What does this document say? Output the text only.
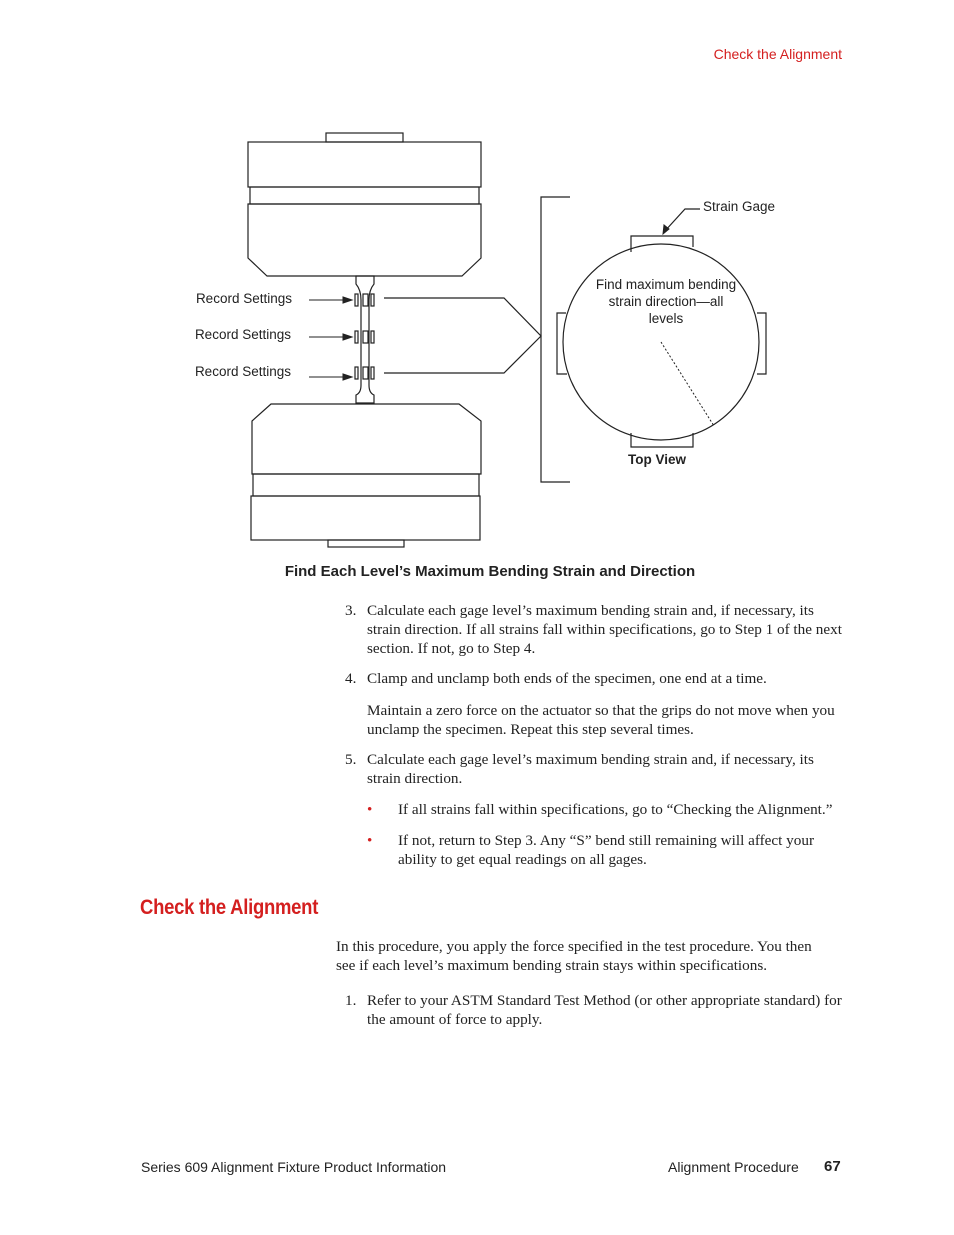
Check the Alignment
Record Settings
Record Settings
Record Settings
Strain Gage
Find maximum bending
strain direction—all
levels
Top View
Find Each Level’s Maximum Bending Strain and Direction
3. Calculate each gage level’s maximum bending strain and, if necessary, its strain direction. If all strains fall within specifications, go to Step 1 of the next section. If not, go to Step 4.
4. Clamp and unclamp both ends of the specimen, one end at a time.
Maintain a zero force on the actuator so that the grips do not move when you unclamp the specimen. Repeat this step several times.
5. Calculate each gage level’s maximum bending strain and, if necessary, its strain direction.
• If all strains fall within specifications, go to “Checking the Alignment.”
• If not, return to Step 3. Any “S” bend still remaining will affect your ability to get equal readings on all gages.
Check the Alignment
In this procedure, you apply the force specified in the test procedure. You then see if each level’s maximum bending strain stays within specifications.
1. Refer to your ASTM Standard Test Method (or other appropriate standard) for the amount of force to apply.
Series 609 Alignment Fixture Product Information	Alignment Procedure 67
